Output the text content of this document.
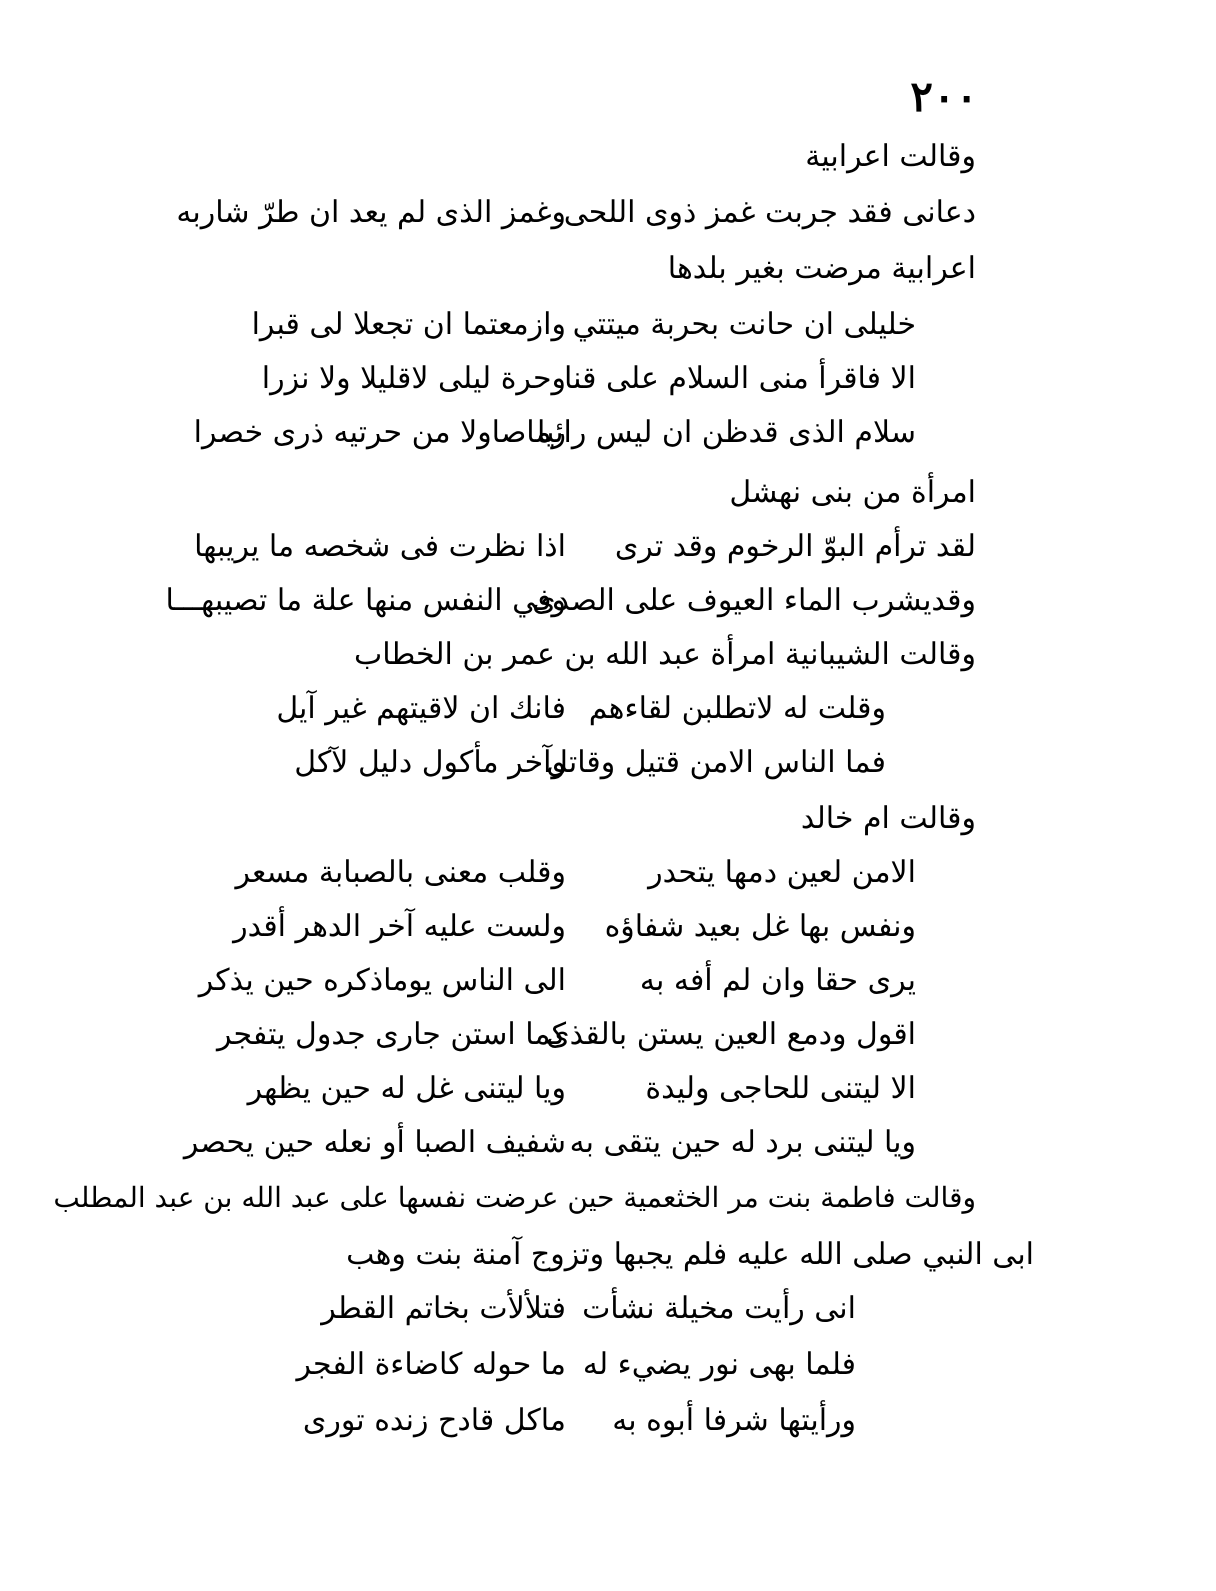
٢٠٠
وقالت اعرابية
دعانى فقد جربت غمز ذوى اللحى
وغمز الذى لم يعد ان طرّ شاربه
اعرابية مرضت بغير بلدها
خليلى ان حانت بحربة ميتتي
وازمعتما ان تجعلا لى قبرا
الا فاقرأ منى السلام على قنا
وحرة ليلى لاقليلا ولا نزرا
سلام الذى قدظن ان ليس رائيا
رماصاولا من حرتيه ذرى خصرا
امرأة من بنى نهشل
لقد ترأم البوّ الرخوم وقد ترى
اذا نظرت فى شخصه ما يريبها
وقديشرب الماء العيوف على الصدى
وفي النفس منها علة ما تصيبهـــا
وقالت الشيبانية امرأة عبد الله بن عمر بن الخطاب
وقلت له لاتطلبن لقاءهم
فانك ان لاقيتهم غير آيل
فما الناس الامن قتيل وقاتل
وآخر مأكول دليل لآكل
وقالت ام خالد
الامن لعين دمها يتحدر
وقلب معنى بالصبابة مسعر
ونفس بها غل بعيد شفاؤه
ولست عليه آخر الدهر أقدر
يرى حقا وان لم أفه به
الى الناس يوماذكره حين يذكر
اقول ودمع العين يستن بالقذى
كما استن جارى جدول يتفجر
الا ليتنى للحاجى وليدة
ويا ليتنى غل له حين يظهر
ويا ليتنى برد له حين يتقى به
شفيف الصبا أو نعله حين يحصر
وقالت فاطمة بنت مر الخثعمية حين عرضت نفسها على عبد الله بن عبد المطلب
ابى النبي صلى الله عليه فلم يجبها وتزوج آمنة بنت وهب
انى رأيت مخيلة نشأت
فتلألأت بخاتم القطر
فلما بهى نور يضيء له
ما حوله كاضاءة الفجر
ورأيتها شرفا أبوه به
ماكل قادح زنده تورى
